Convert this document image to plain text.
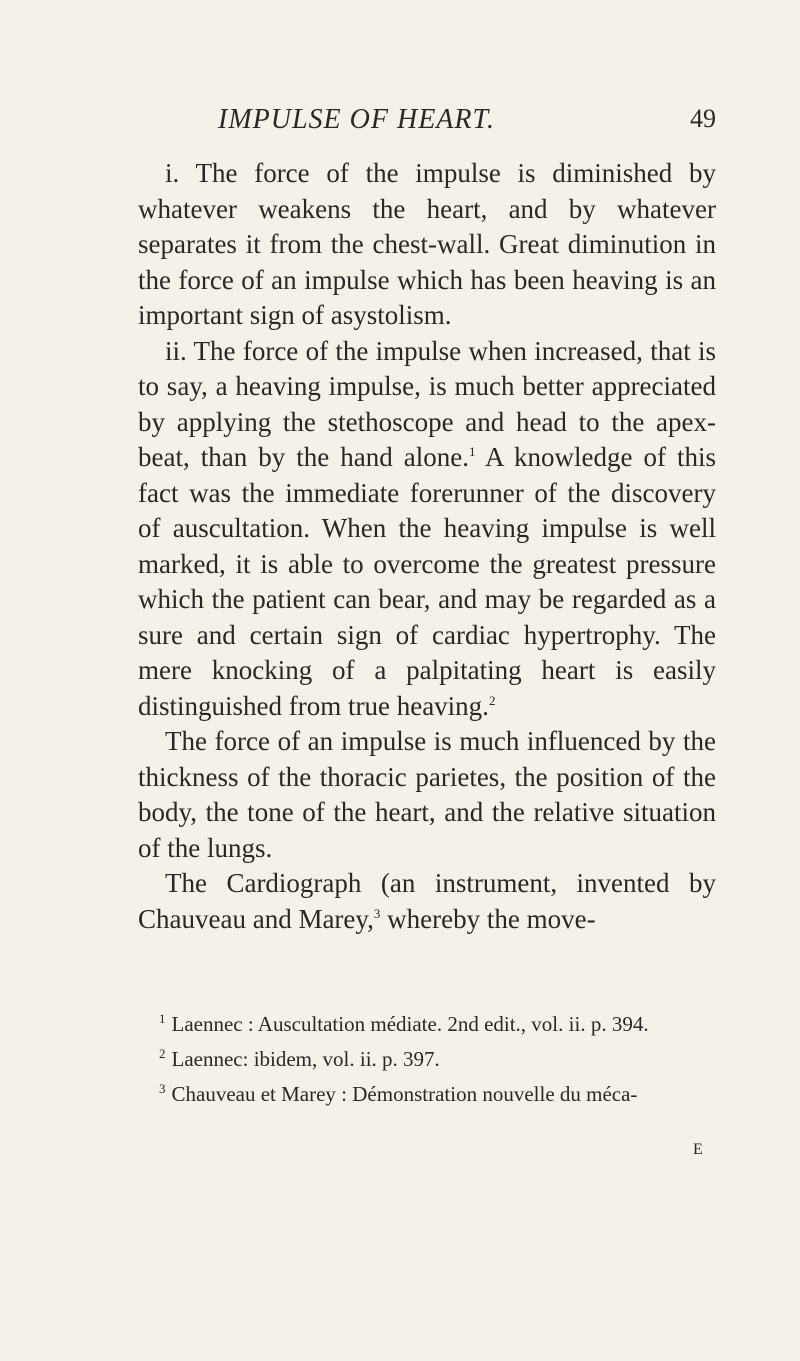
IMPULSE OF HEART.	49

i. The force of the impulse is diminished by whatever weakens the heart, and by whatever separates it from the chest-wall. Great diminution in the force of an impulse which has been heaving is an important sign of asystolism.

ii. The force of the impulse when increased, that is to say, a heaving impulse, is much better appreciated by applying the stethoscope and head to the apex-beat, than by the hand alone.$^1$ A knowledge of this fact was the immediate forerunner of the discovery of auscultation. When the heaving impulse is well marked, it is able to overcome the greatest pressure which the patient can bear, and may be regarded as a sure and certain sign of cardiac hypertrophy. The mere knocking of a palpitating heart is easily distinguished from true heaving.$^2$

The force of an impulse is much influenced by the thickness of the thoracic parietes, the position of the body, the tone of the heart, and the relative situation of the lungs.

The Cardiograph (an instrument, invented by Chauveau and Marey,$^3$ whereby the move-

$^1$ Laennec : Auscultation médiate. 2nd edit., vol. ii. p. 394.

$^2$ Laennec: ibidem, vol. ii. p. 397.

$^3$ Chauveau et Marey : Démonstration nouvelle du méca-

E
